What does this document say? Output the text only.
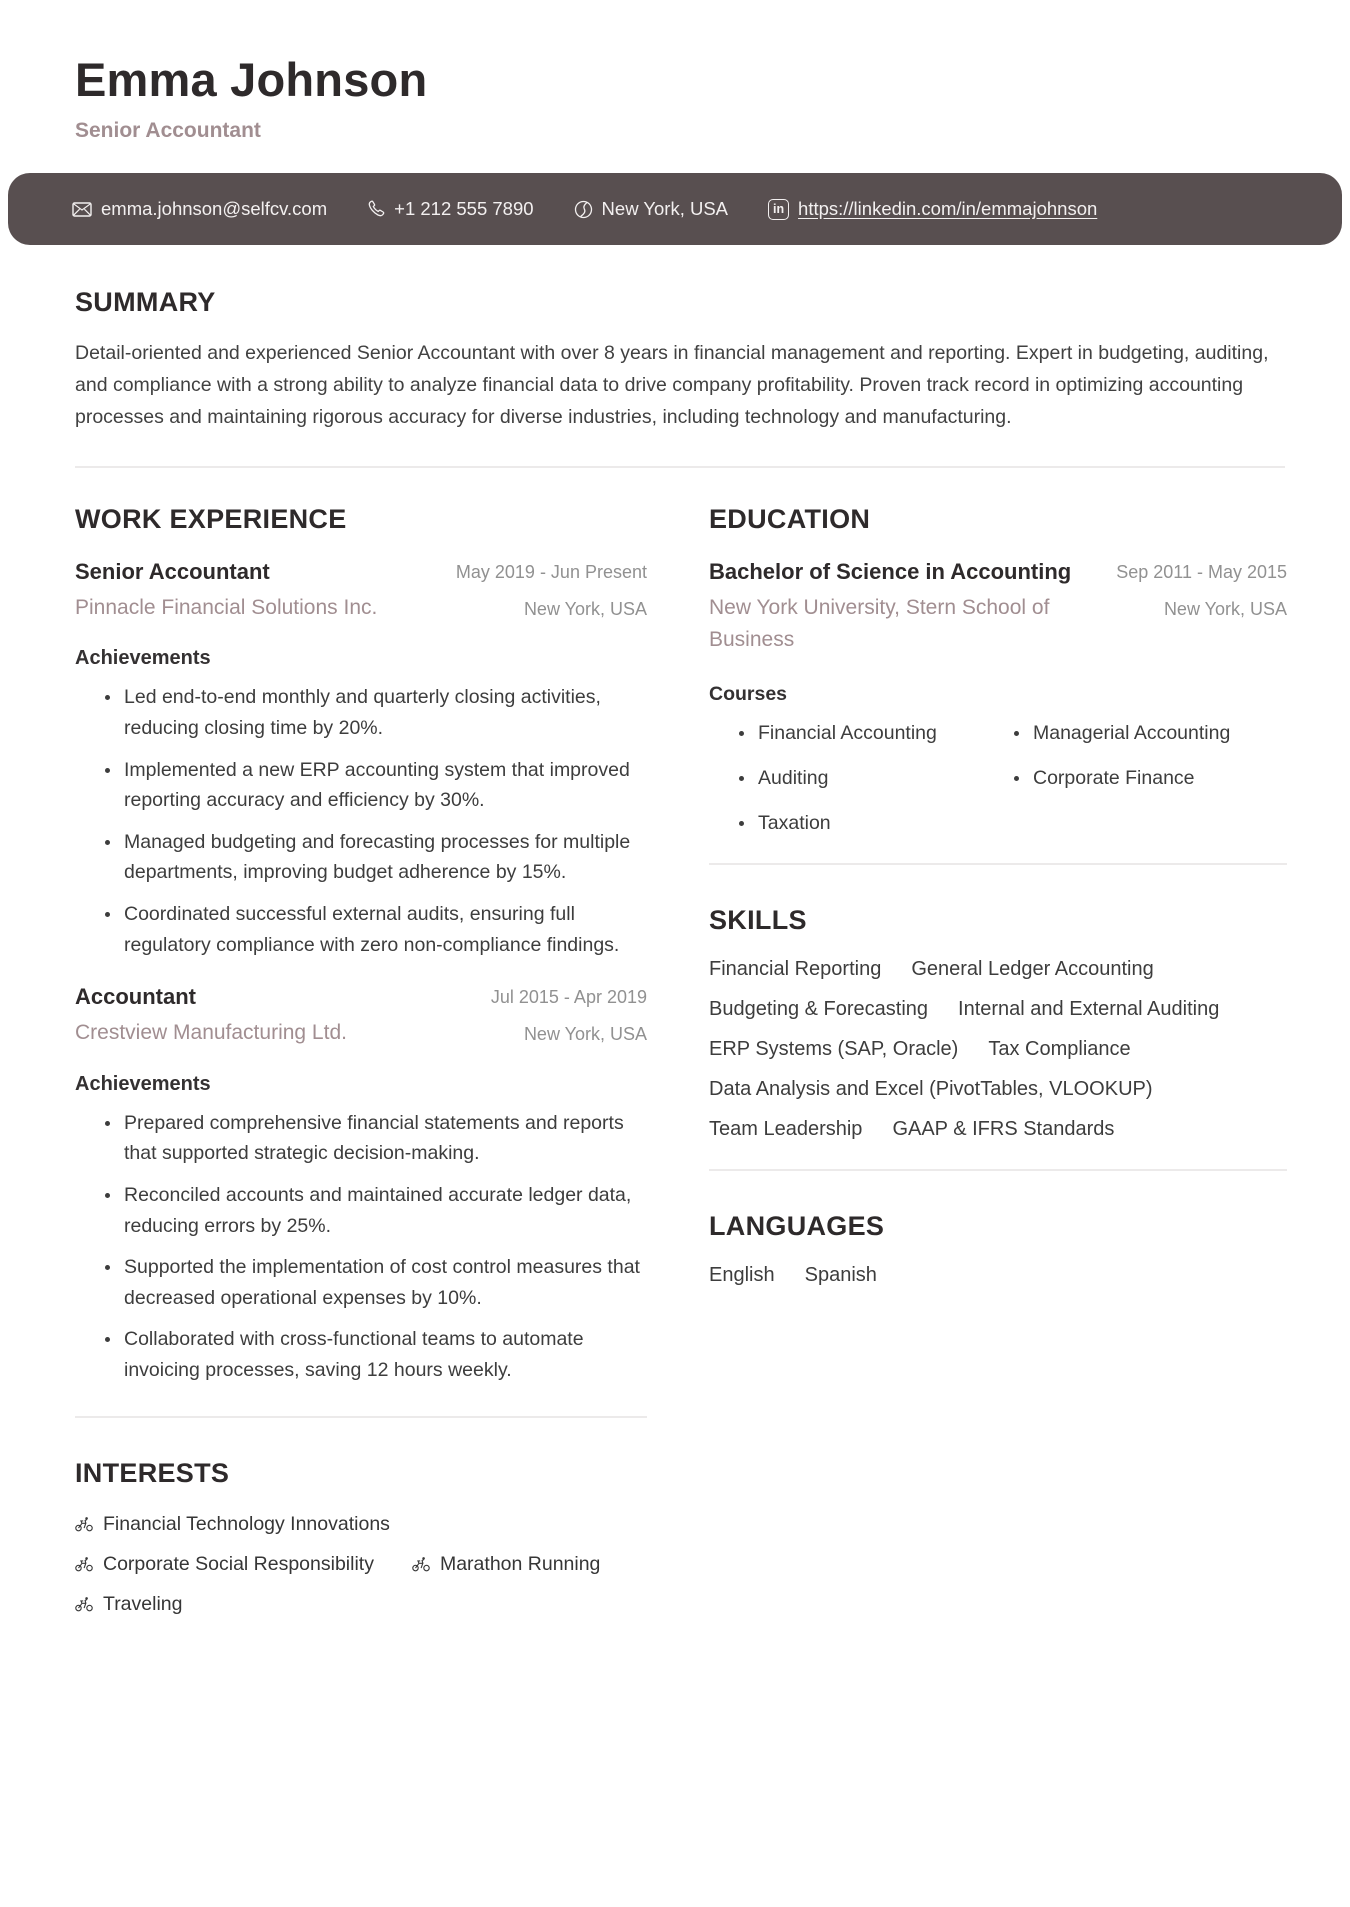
Emma Johnson
Senior Accountant
emma.johnson@selfcv.com	+1 212 555 7890	New York, USA	in https://linkedin.com/in/emmajohnson
SUMMARY

Detail-oriented and experienced Senior Accountant with over 8 years in financial management and reporting. Expert in budgeting, auditing, and compliance with a strong ability to analyze financial data to drive company profitability. Proven track record in optimizing accounting processes and maintaining rigorous accuracy for diverse industries, including technology and manufacturing.

WORK EXPERIENCE
Senior Accountant	May 2019 - Jun Present
Pinnacle Financial Solutions Inc.	New York, USA
Achievements
• Led end-to-end monthly and quarterly closing activities, reducing closing time by 20%.
• Implemented a new ERP accounting system that improved reporting accuracy and efficiency by 30%.
• Managed budgeting and forecasting processes for multiple departments, improving budget adherence by 15%.
• Coordinated successful external audits, ensuring full regulatory compliance with zero non-compliance findings.
Accountant	Jul 2015 - Apr 2019
Crestview Manufacturing Ltd.	New York, USA
Achievements
• Prepared comprehensive financial statements and reports that supported strategic decision-making.
• Reconciled accounts and maintained accurate ledger data, reducing errors by 25%.
• Supported the implementation of cost control measures that decreased operational expenses by 10%.
• Collaborated with cross-functional teams to automate invoicing processes, saving 12 hours weekly.
INTERESTS
Financial Technology Innovations
Corporate Social Responsibility	Marathon Running
Traveling
EDUCATION
Bachelor of Science in Accounting	Sep 2011 - May 2015
New York University, Stern School of Business
New York, USA
Courses
• Financial Accounting	• Managerial Accounting
• Auditing	• Corporate Finance
• Taxation
SKILLS
Financial Reporting General Ledger Accounting
Budgeting & Forecasting Internal and External Auditing
ERP Systems (SAP, Oracle) Tax Compliance
Data Analysis and Excel (PivotTables, VLOOKUP)
Team Leadership GAAP & IFRS Standards
LANGUAGES
English Spanish
